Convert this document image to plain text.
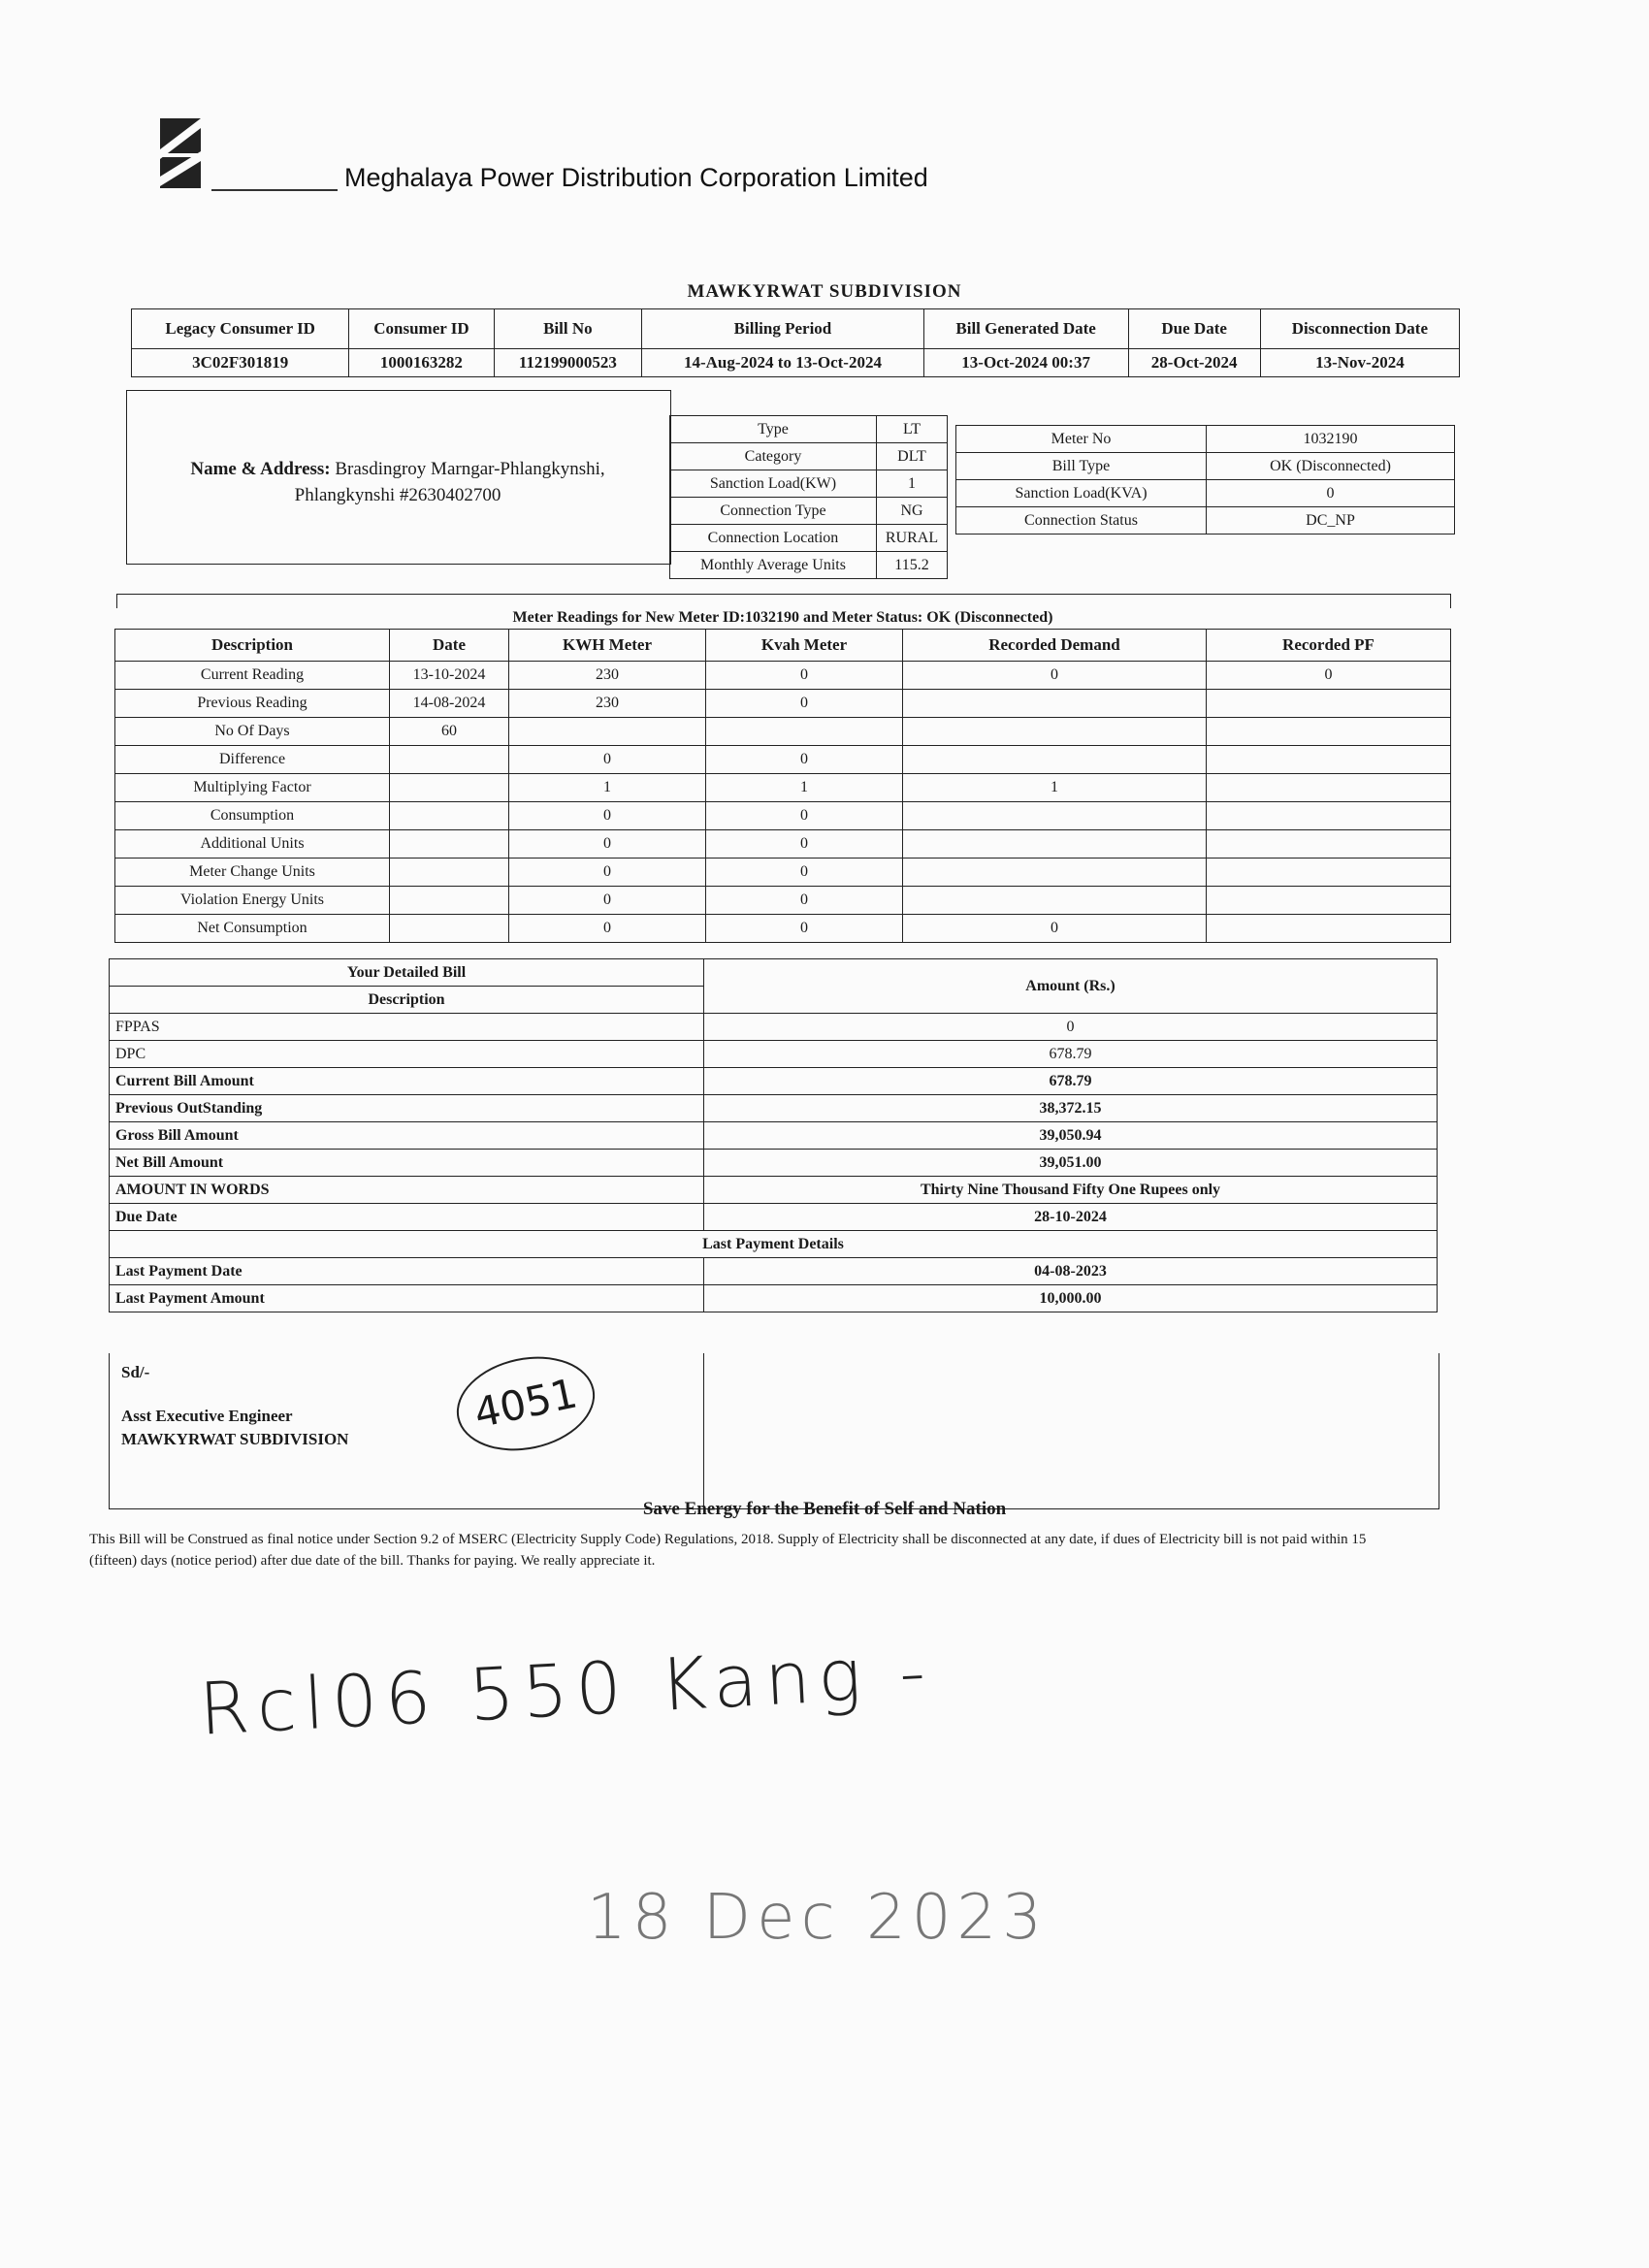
Meghalaya Power Distribution Corporation Limited
MAWKYRWAT SUBDIVISION
Legacy Consumer ID	Consumer ID	Bill No	Billing Period	Bill Generated Date	Due Date	Disconnection Date
3C02F301819	1000163282	112199000523	14-Aug-2024 to 13-Oct-2024	13-Oct-2024 00:37	28-Oct-2024	13-Nov-2024
Name & Address: Brasdingroy Marngar-Phlangkynshi,
Phlangkynshi #2630402700
Type	LT
Category	DLT
Sanction Load(KW)	1
Connection Type	NG
Connection Location	RURAL
Monthly Average Units	115.2
Meter No	1032190
Bill Type	OK (Disconnected)
Sanction Load(KVA)	0
Connection Status	DC_NP
Meter Readings for New Meter ID:1032190 and Meter Status: OK (Disconnected)
Description	Date	KWH Meter	Kvah Meter	Recorded Demand	Recorded PF
Current Reading	13-10-2024	230	0	0	0
Previous Reading	14-08-2024	230	0		
No Of Days	60				
Difference		0	0		
Multiplying Factor		1	1	1	
Consumption		0	0		
Additional Units		0	0		
Meter Change Units		0	0		
Violation Energy Units		0	0		
Net Consumption		0	0	0	
Your Detailed Bill	Amount (Rs.)
Description	
FPPAS	0
DPC	678.79
Current Bill Amount	678.79
Previous OutStanding	38,372.15
Gross Bill Amount	39,050.94
Net Bill Amount	39,051.00
AMOUNT IN WORDS	Thirty Nine Thousand Fifty One Rupees only
Due Date	28-10-2024
Last Payment Details	
Last Payment Date	04-08-2023
Last Payment Amount	10,000.00
Sd/-
Asst Executive Engineer
MAWKYRWAT SUBDIVISION
4051
Save Energy for the Benefit of Self and Nation
This Bill will be Construed as final notice under Section 9.2 of MSERC (Electricity Supply Code) Regulations, 2018. Supply of Electricity shall be disconnected at any date, if dues of Electricity bill is not paid within 15 (fifteen) days (notice period) after due date of the bill. Thanks for paying. We really appreciate it.
Rcl06 550 Kang -
18 Dec 2023
